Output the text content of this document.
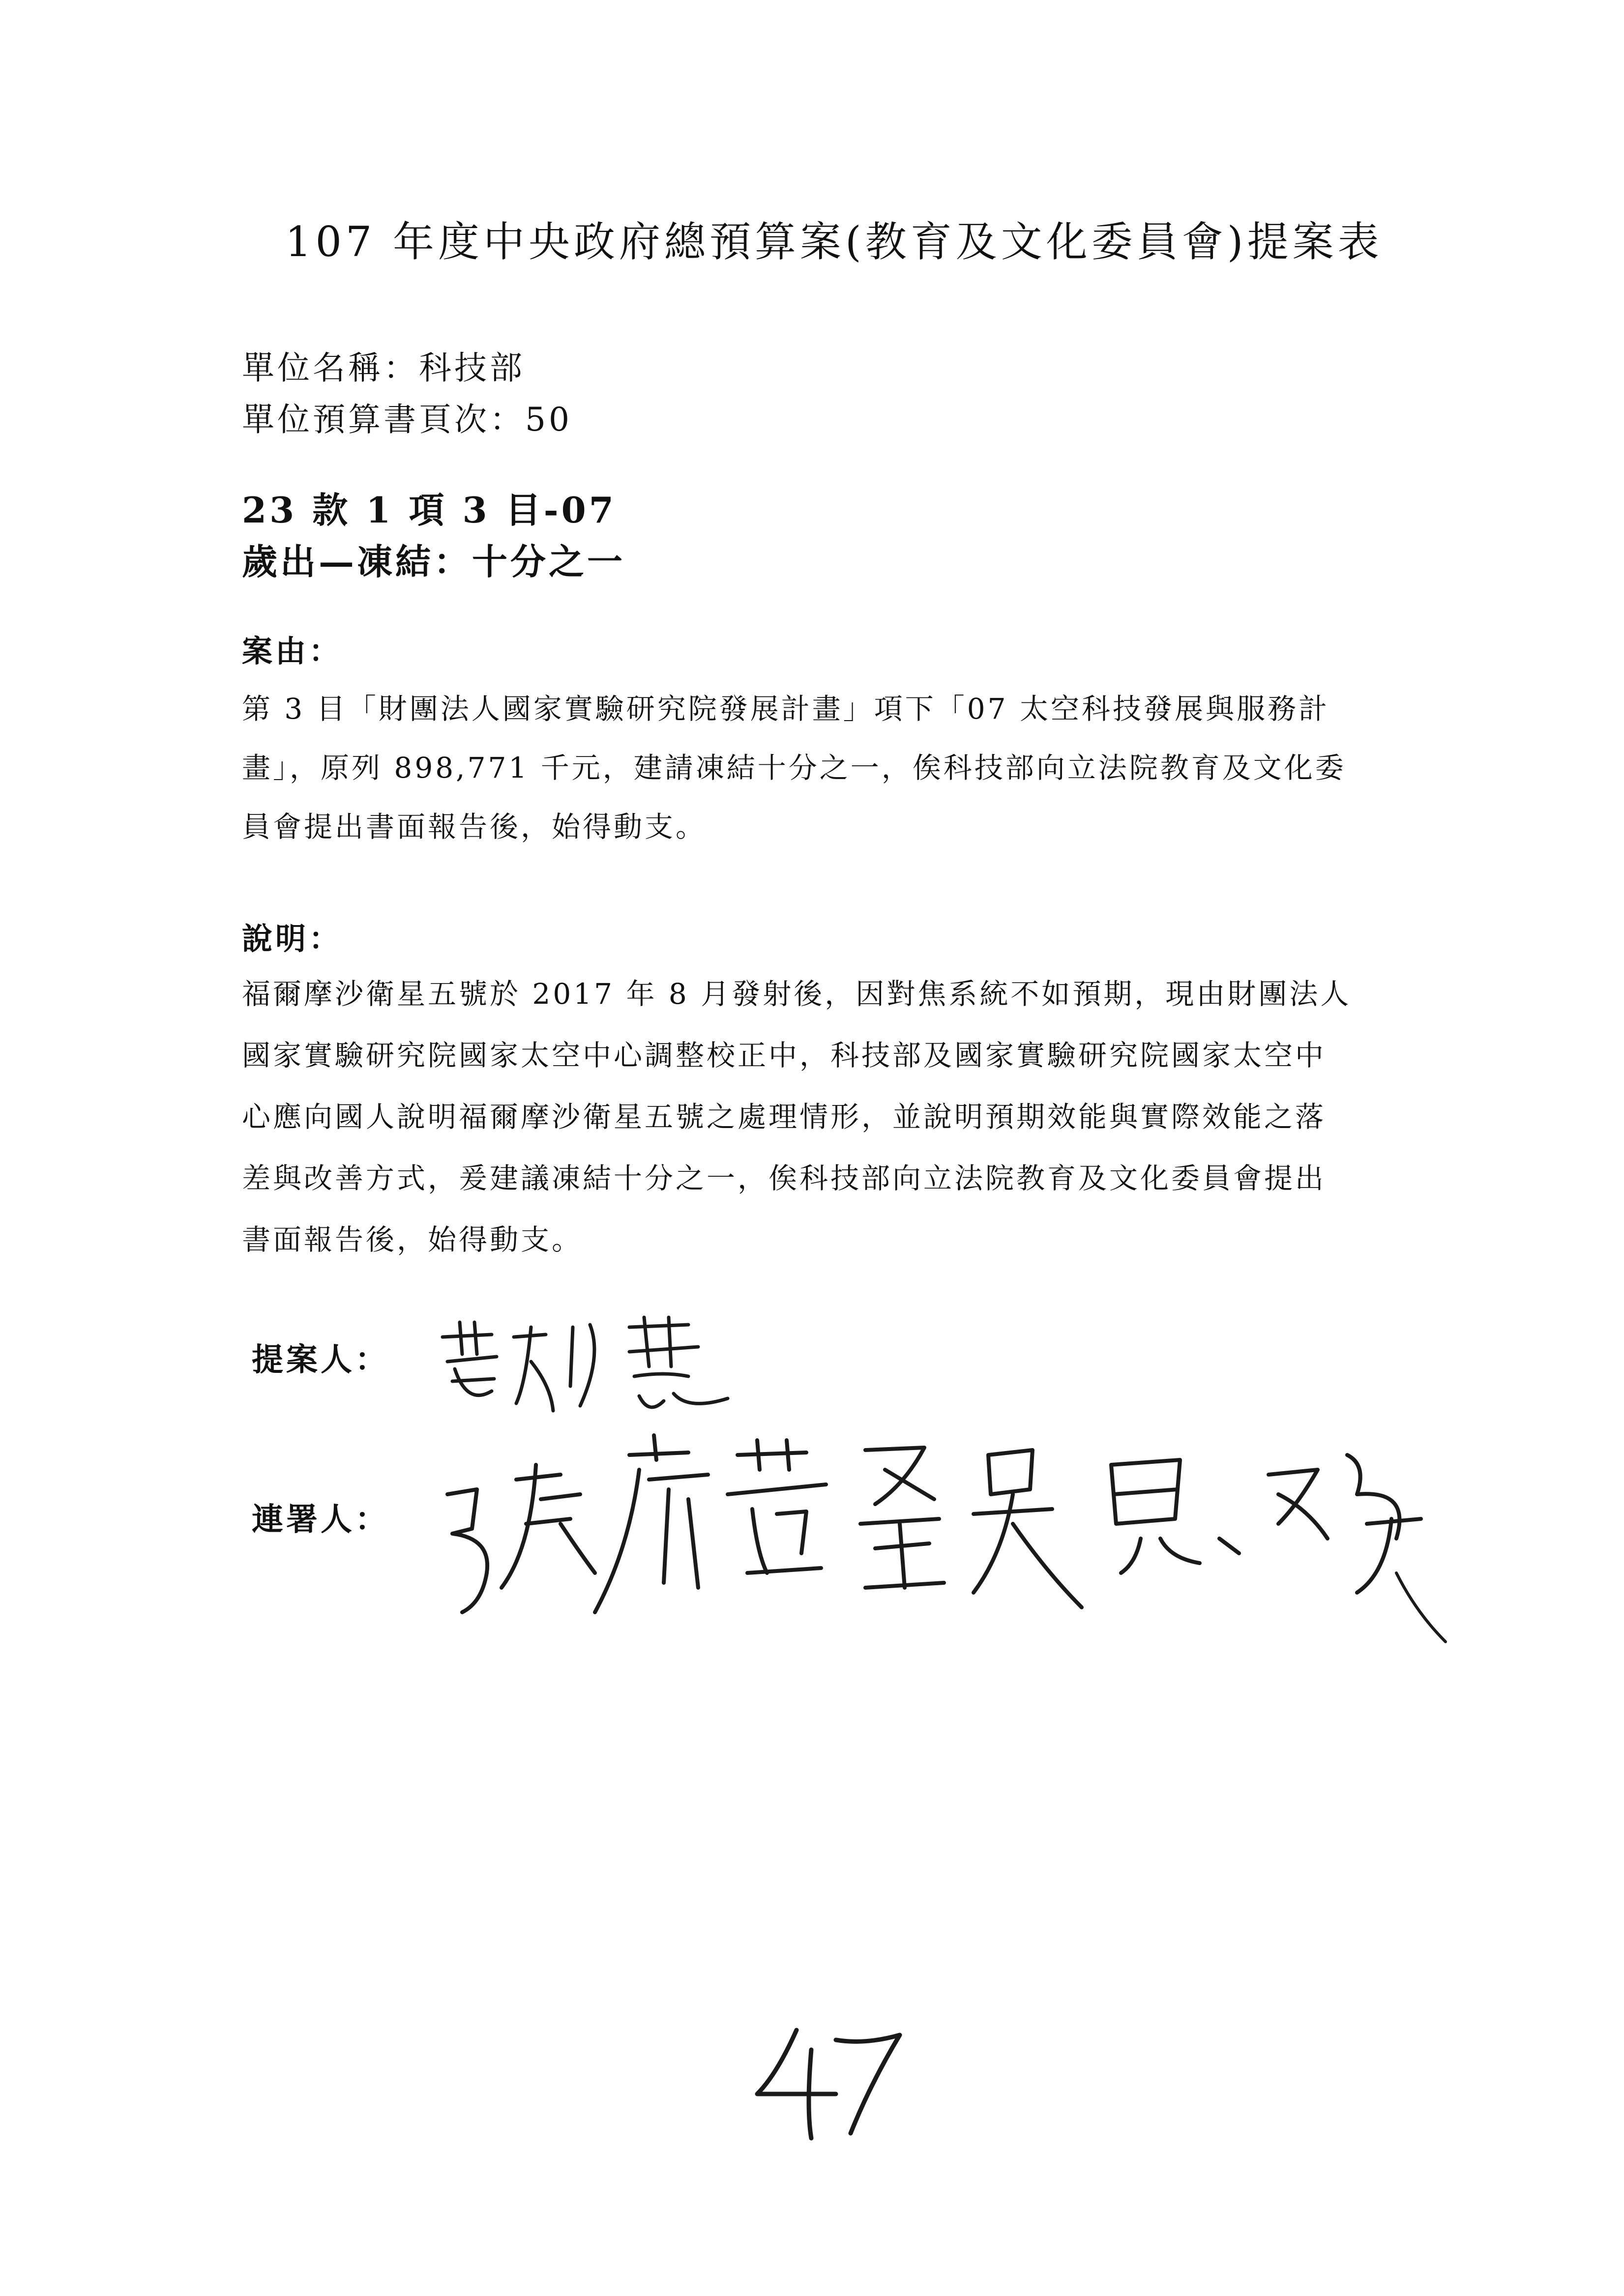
107 年度中央政府總預算案(教育及文化委員會)提案表
單位名稱：科技部
單位預算書頁次：50
23 款 1 項 3 目-07
歲出—凍結：十分之一
案由：
第 3 目「財團法人國家實驗研究院發展計畫」項下「07 太空科技發展與服務計
畫」，原列 898,771 千元，建請凍結十分之一，俟科技部向立法院教育及文化委
員會提出書面報告後，始得動支。
說明：
福爾摩沙衛星五號於 2017 年 8 月發射後，因對焦系統不如預期，現由財團法人
國家實驗研究院國家太空中心調整校正中，科技部及國家實驗研究院國家太空中
心應向國人說明福爾摩沙衛星五號之處理情形，並說明預期效能與實際效能之落
差與改善方式，爰建議凍結十分之一，俟科技部向立法院教育及文化委員會提出
書面報告後，始得動支。
提案人：
連署人：
